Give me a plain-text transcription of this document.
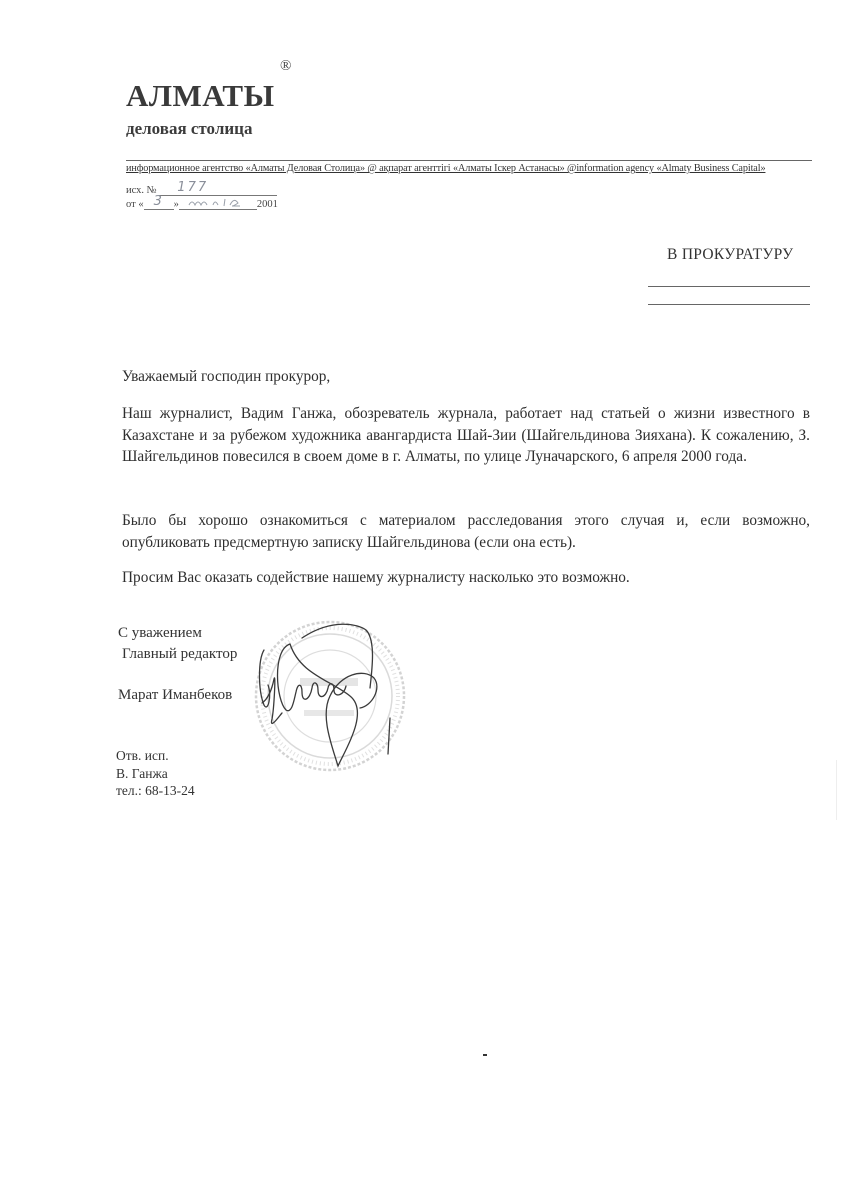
®
АЛМАТЫ
деловая столица
информационное агентство «Алматы Деловая Столица» @ ақпарат агенттігі «Алматы Іскер Астанасы» @information agency «Almaty Business Capital»
исх. № 177
от « 3 »	2001
В ПРОКУРАТУРУ
Уважаемый господин прокурор,
Наш журналист, Вадим Ганжа, обозреватель журнала, работает над статьей о жизни известного в Казахстане и за рубежом художника авангардиста Шай-Зии (Шайгельдинова Зияхана). К сожалению, З. Шайгельдинов повесился в своем доме в г. Алматы, по улице Луначарского, 6 апреля 2000 года.
Было бы хорошо ознакомиться с материалом расследования этого случая и, если возможно, опубликовать предсмертную записку Шайгельдинова (если она есть).
Просим Вас оказать содействие нашему журналисту насколько это возможно.
С уважением
Главный редактор
Марат Иманбеков
Отв. исп.
В. Ганжа
тел.: 68-13-24
